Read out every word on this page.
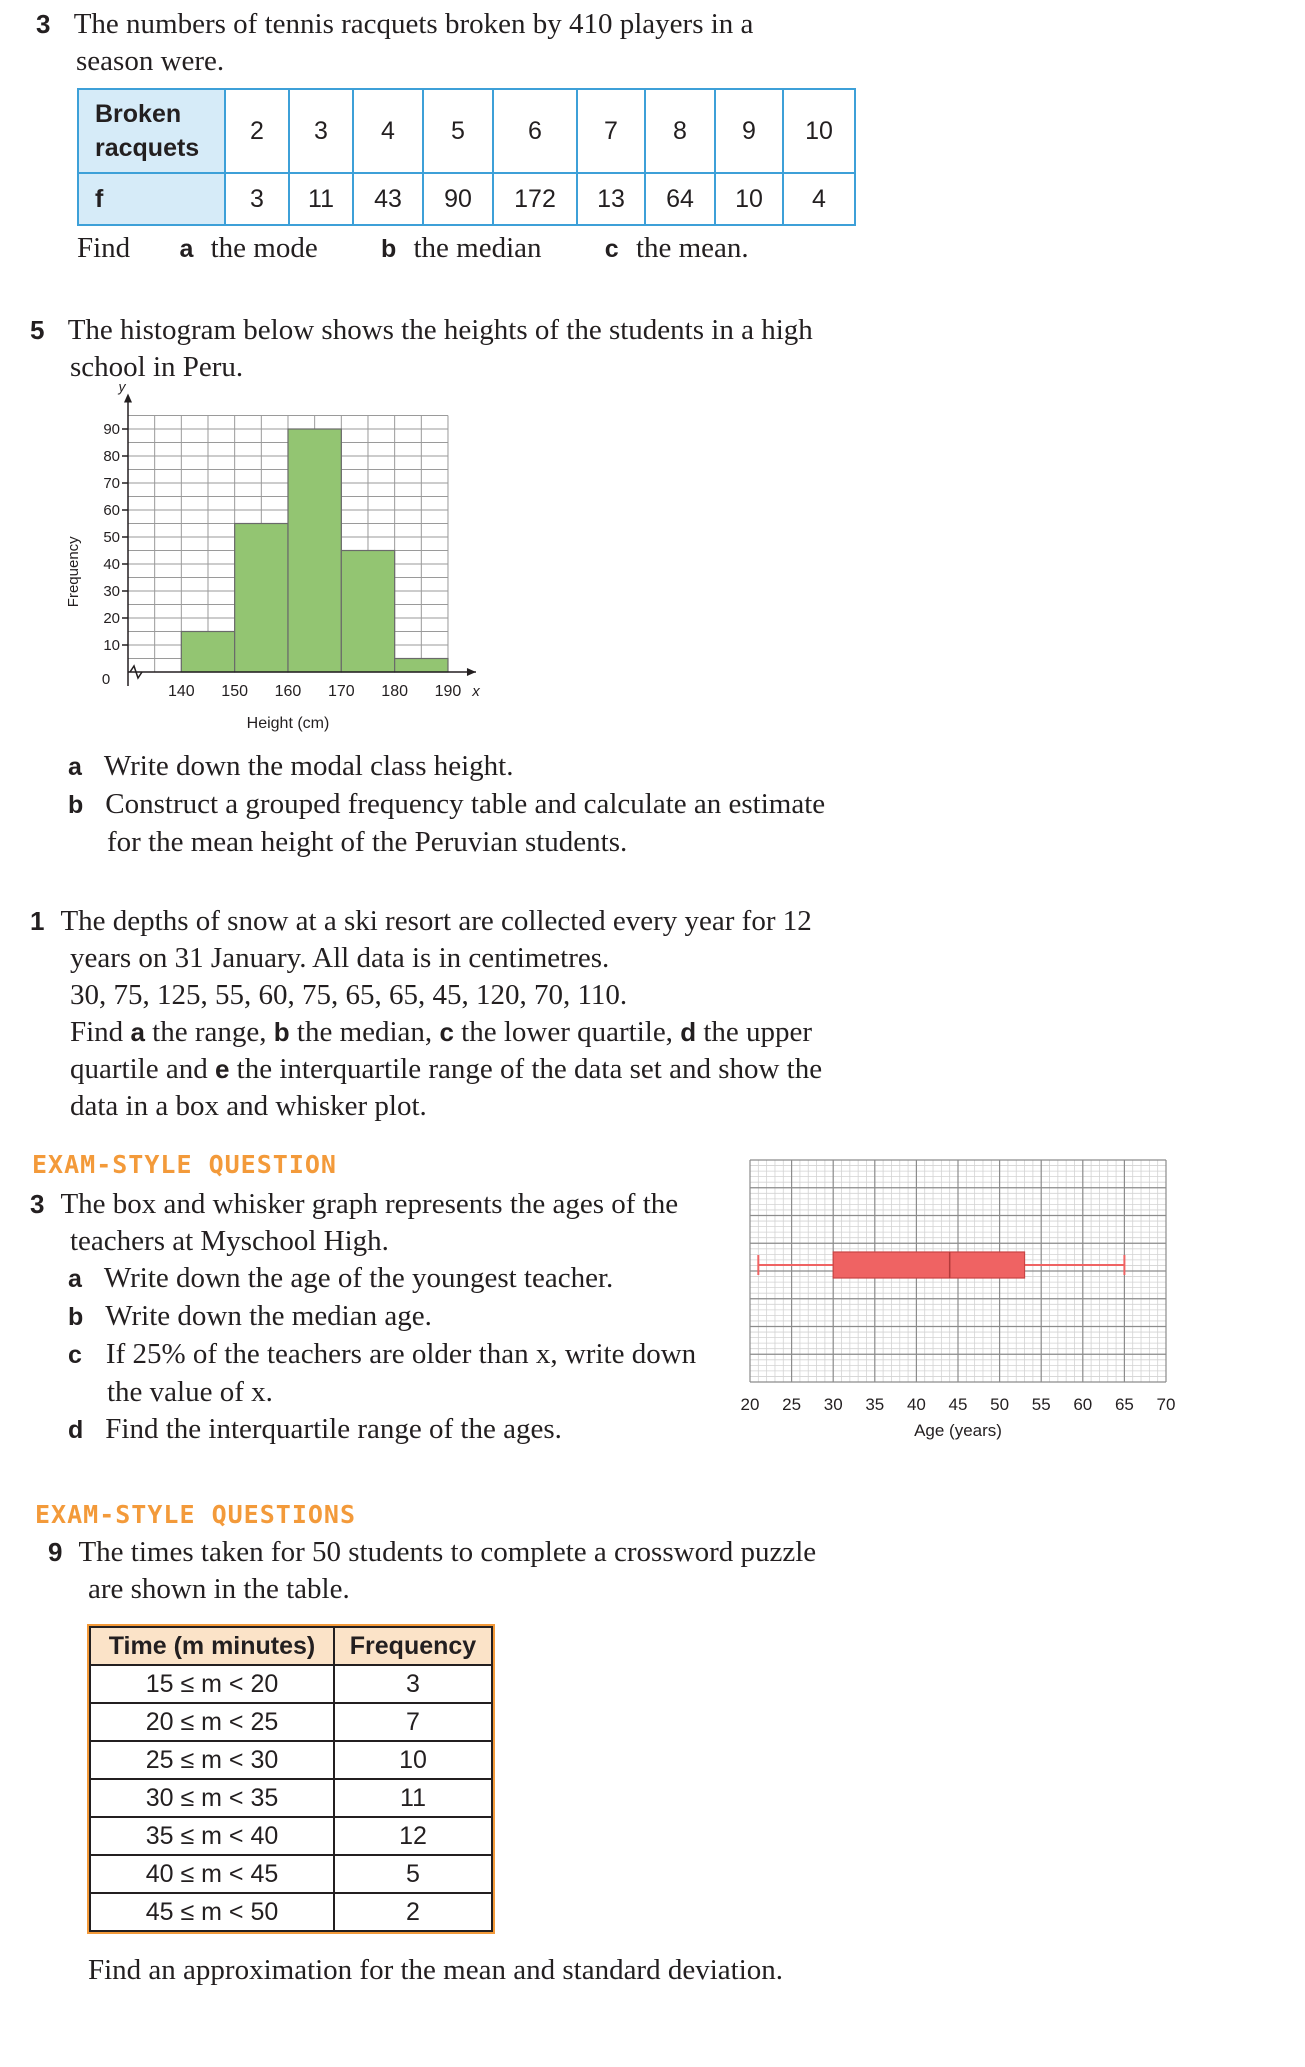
3 The numbers of tennis racquets broken by 410 players in a
season were.
Broken
racquets	2	3	4	5	6	7	8	9	10
f	3	11	43	90	172	13	64	10	4
Find a the mode	b the median	c the mean.
5 The histogram below shows the heights of the students in a high
school in Peru.
10
20
30
40
50
60
70
80
90
140 150 160 170 180 190
0
x
y
Height (cm)
Frequency
a Write down the modal class height.
b Construct a grouped frequency table and calculate an estimate
for the mean height of the Peruvian students.
1 The depths of snow at a ski resort are collected every year for 12
years on 31 January. All data is in centimetres.
30, 75, 125, 55, 60, 75, 65, 65, 45, 120, 70, 110.
Find a the range, b the median, c the lower quartile, d the upper
quartile and e the interquartile range of the data set and show the
data in a box and whisker plot.
EXAM-STYLE QUESTION
3 The box and whisker graph represents the ages of the
teachers at Myschool High.
a Write down the age of the youngest teacher.
b Write down the median age.
c If 25% of the teachers are older than x, write down
the value of x.
d Find the interquartile range of the ages.
20 25 30 35 40 45 50 55 60 65 70
Age (years)
EXAM-STYLE QUESTIONS
9 The times taken for 50 students to complete a crossword puzzle
are shown in the table.
Time (m minutes)	Frequency
15 ≤ m < 20	3
20 ≤ m < 25	7
25 ≤ m < 30	10
30 ≤ m < 35	11
35 ≤ m < 40	12
40 ≤ m < 45	5
45 ≤ m < 50	2
Find an approximation for the mean and standard deviation.
